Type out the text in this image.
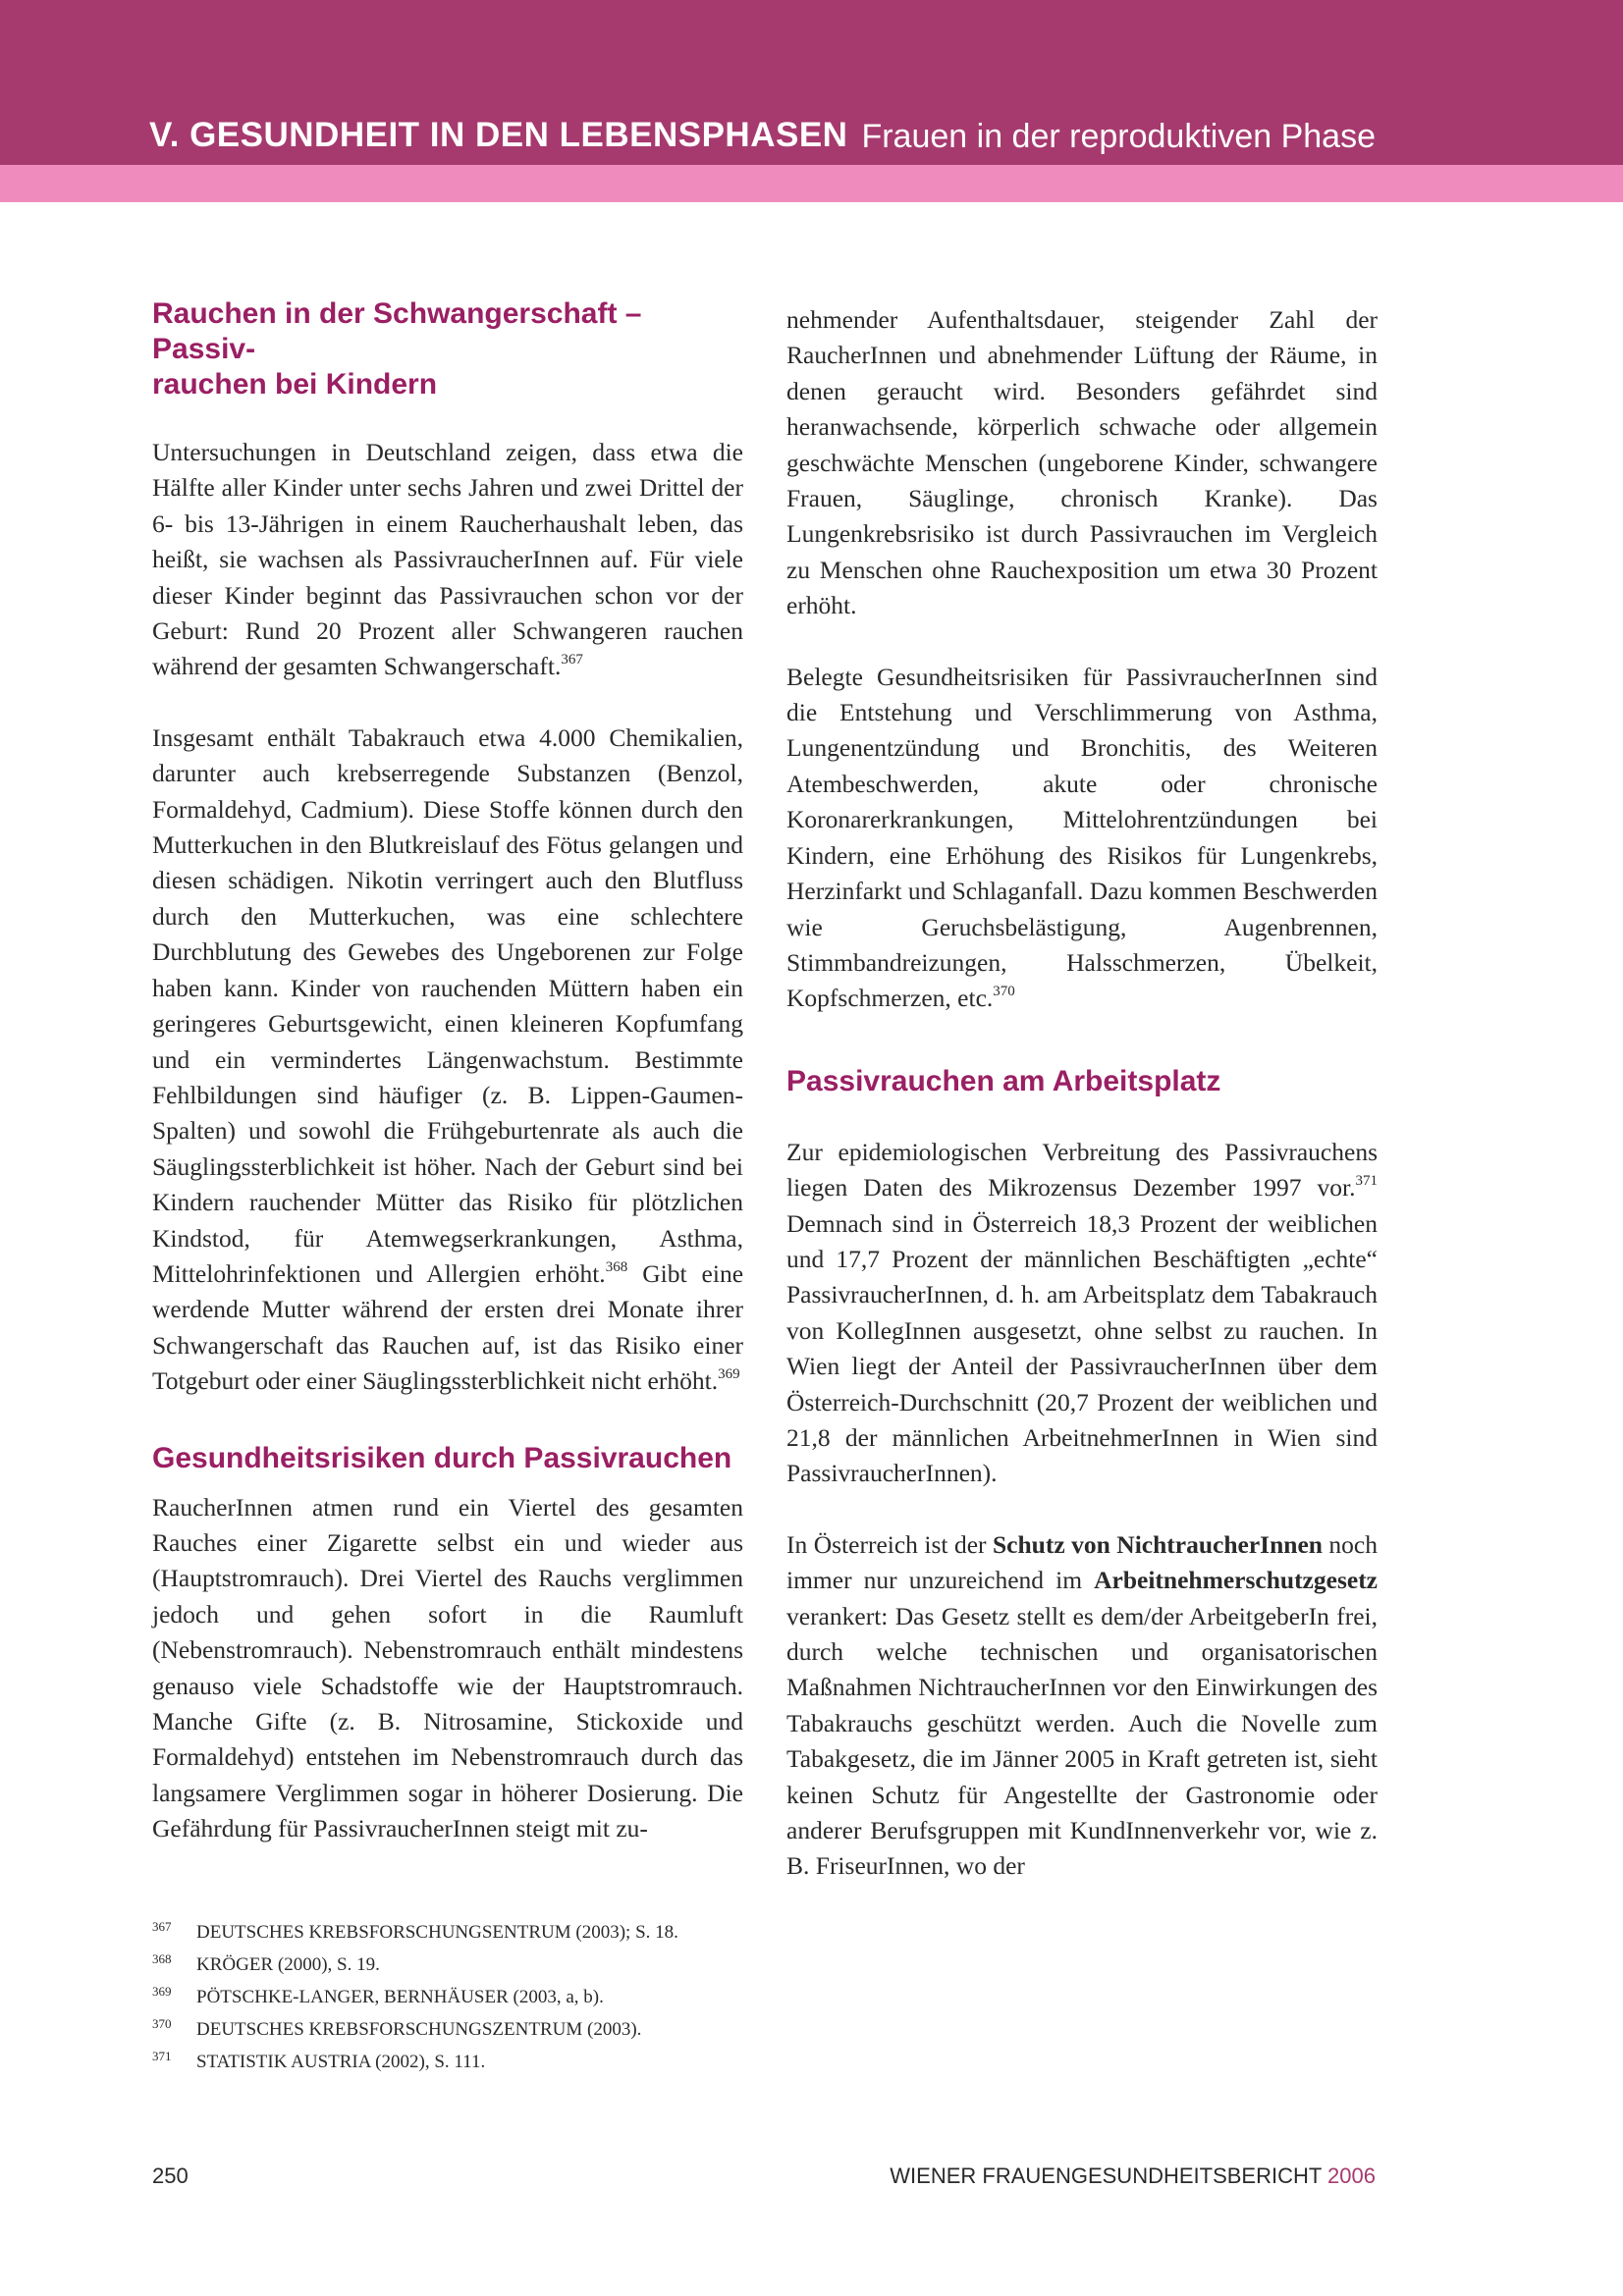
V. GESUNDHEIT IN DEN LEBENSPHASEN Frauen in der reproduktiven Phase
Rauchen in der Schwangerschaft – Passiv-
rauchen bei Kindern

Untersuchungen in Deutschland zeigen, dass etwa die Hälfte aller Kinder unter sechs Jahren und zwei Drittel der 6- bis 13-Jährigen in einem Raucherhaushalt leben, das heißt, sie wachsen als PassivraucherInnen auf. Für viele dieser Kinder beginnt das Passivrauchen schon vor der Geburt: Rund 20 Prozent aller Schwangeren rauchen während der gesamten Schwangerschaft.$^{367}$

Insgesamt enthält Tabakrauch etwa 4.000 Chemikalien, darunter auch krebserregende Substanzen (Benzol, Formaldehyd, Cadmium). Diese Stoffe können durch den Mutterkuchen in den Blutkreislauf des Fötus gelangen und diesen schädigen. Nikotin verringert auch den Blutfluss durch den Mutterkuchen, was eine schlechtere Durchblutung des Gewebes des Ungeborenen zur Folge haben kann. Kinder von rauchenden Müttern haben ein geringeres Geburtsgewicht, einen kleineren Kopfumfang und ein vermindertes Längenwachstum. Bestimmte Fehlbildungen sind häufiger (z. B. Lippen-Gaumen-Spalten) und sowohl die Frühgeburtenrate als auch die Säuglingssterblichkeit ist höher. Nach der Geburt sind bei Kindern rauchender Mütter das Risiko für plötzlichen Kindstod, für Atemwegserkrankungen, Asthma, Mittelohrinfektionen und Allergien erhöht.$^{368}$ Gibt eine werdende Mutter während der ersten drei Monate ihrer Schwangerschaft das Rauchen auf, ist das Risiko einer Totgeburt oder einer Säuglingssterblichkeit nicht erhöht.$^{369}$

Gesundheitsrisiken durch Passivrauchen

RaucherInnen atmen rund ein Viertel des gesamten Rauches einer Zigarette selbst ein und wieder aus (Hauptstromrauch). Drei Viertel des Rauchs verglimmen jedoch und gehen sofort in die Raumluft (Nebenstromrauch). Nebenstromrauch enthält mindestens genauso viele Schadstoffe wie der Hauptstromrauch. Manche Gifte (z. B. Nitrosamine, Stickoxide und Formaldehyd) entstehen im Nebenstromrauch durch das langsamere Verglimmen sogar in höherer Dosierung. Die Gefährdung für PassivraucherInnen steigt mit zu-

nehmender Aufenthaltsdauer, steigender Zahl der RaucherInnen und abnehmender Lüftung der Räume, in denen geraucht wird. Besonders gefährdet sind heranwachsende, körperlich schwache oder allgemein geschwächte Menschen (ungeborene Kinder, schwangere Frauen, Säuglinge, chronisch Kranke). Das Lungenkrebsrisiko ist durch Passivrauchen im Vergleich zu Menschen ohne Rauchexposition um etwa 30 Prozent erhöht.

Belegte Gesundheitsrisiken für PassivraucherInnen sind die Entstehung und Verschlimmerung von Asthma, Lungenentzündung und Bronchitis, des Weiteren Atembeschwerden, akute oder chronische Koronarerkrankungen, Mittelohrentzündungen bei Kindern, eine Erhöhung des Risikos für Lungenkrebs, Herzinfarkt und Schlaganfall. Dazu kommen Beschwerden wie Geruchsbelästigung, Augenbrennen, Stimmbandreizungen, Halsschmerzen, Übelkeit, Kopfschmerzen, etc.$^{370}$

Passivrauchen am Arbeitsplatz

Zur epidemiologischen Verbreitung des Passivrauchens liegen Daten des Mikrozensus Dezember 1997 vor.$^{371}$ Demnach sind in Österreich 18,3 Prozent der weiblichen und 17,7 Prozent der männlichen Beschäftigten „echte“ PassivraucherInnen, d. h. am Arbeitsplatz dem Tabakrauch von KollegInnen ausgesetzt, ohne selbst zu rauchen. In Wien liegt der Anteil der PassivraucherInnen über dem Österreich-Durchschnitt (20,7 Prozent der weiblichen und 21,8 der männlichen ArbeitnehmerInnen in Wien sind PassivraucherInnen).

In Österreich ist der Schutz von NichtraucherInnen noch immer nur unzureichend im Arbeitnehmerschutzgesetz verankert: Das Gesetz stellt es dem/der ArbeitgeberIn frei, durch welche technischen und organisatorischen Maßnahmen NichtraucherInnen vor den Einwirkungen des Tabakrauchs geschützt werden. Auch die Novelle zum Tabakgesetz, die im Jänner 2005 in Kraft getreten ist, sieht keinen Schutz für Angestellte der Gastronomie oder anderer Berufsgruppen mit KundInnenverkehr vor, wie z. B. FriseurInnen, wo der

367	DEUTSCHES KREBSFORSCHUNGSENTRUM (2003); S. 18.
368	KRÖGER (2000), S. 19.
369	PÖTSCHKE-LANGER, BERNHÄUSER (2003, a, b).
370	DEUTSCHES KREBSFORSCHUNGSZENTRUM (2003).
371	STATISTIK AUSTRIA (2002), S. 111.
250	WIENER FRAUENGESUNDHEITSBERICHT 2006
